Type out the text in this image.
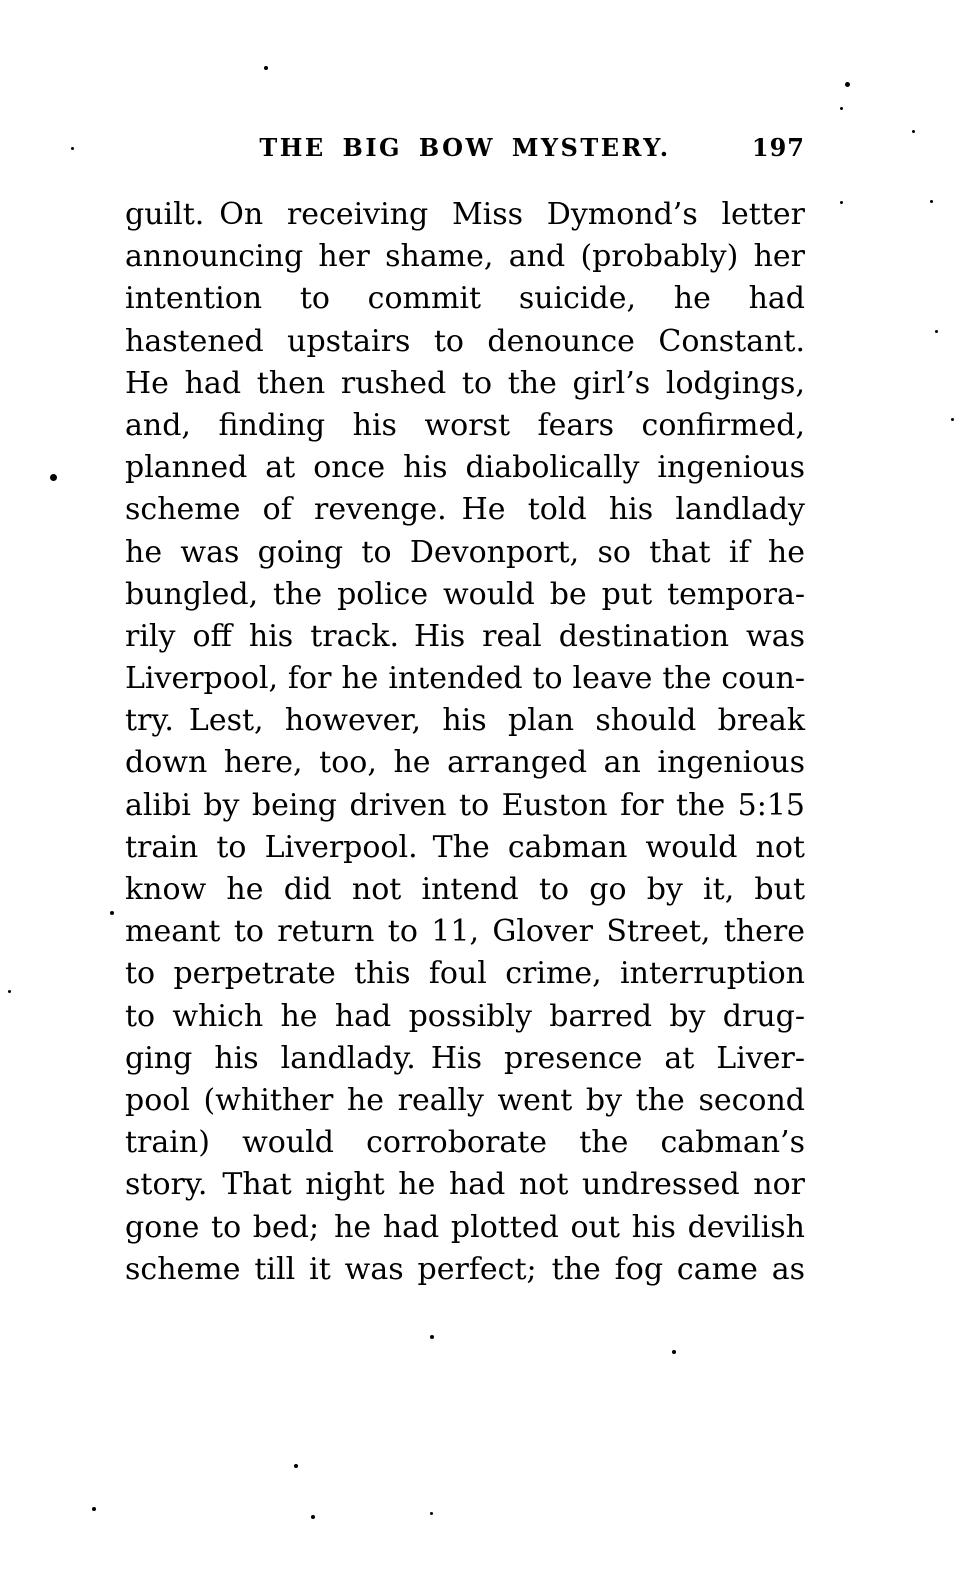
THE BIG BOW MYSTERY.	197
guilt. On receiving Miss Dymond’s letter
announcing her shame, and (probably) her
intention to commit suicide, he had
hastened upstairs to denounce Constant.
He had then rushed to the girl’s lodgings,
and, finding his worst fears confirmed,
planned at once his diabolically ingenious
scheme of revenge. He told his landlady
he was going to Devonport, so that if he
bungled, the police would be put tempora-
rily off his track. His real destination was
Liverpool, for he intended to leave the coun-
try. Lest, however, his plan should break
down here, too, he arranged an ingenious
alibi by being driven to Euston for the 5:15
train to Liverpool. The cabman would not
know he did not intend to go by it, but
meant to return to 11, Glover Street, there
to perpetrate this foul crime, interruption
to which he had possibly barred by drug-
ging his landlady. His presence at Liver-
pool (whither he really went by the second
train) would corroborate the cabman’s
story. That night he had not undressed nor
gone to bed; he had plotted out his devilish
scheme till it was perfect; the fog came as
